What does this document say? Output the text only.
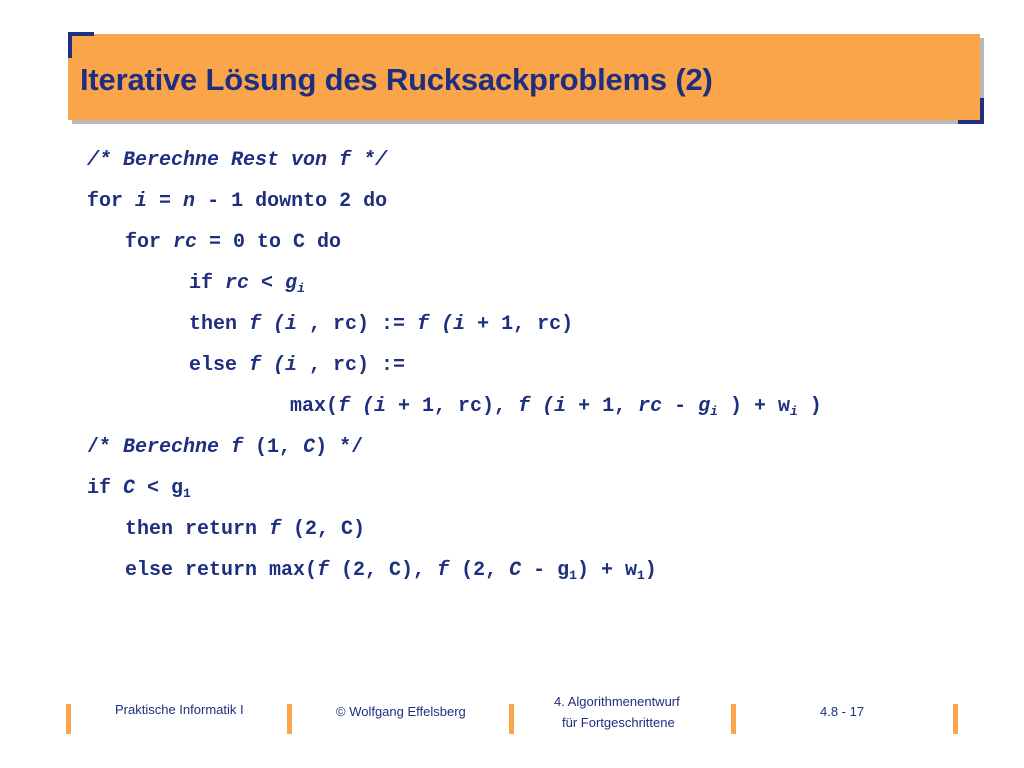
Iterative Lösung des Rucksackproblems (2)
/* Berechne Rest von f */
for i = n - 1 downto 2 do
for rc = 0 to C do
if rc < $g_i$
then f (i , rc) := f (i + 1, rc)
else f (i , rc) :=
max(f (i + 1, rc), f (i + 1, rc - $g_i$ ) + $w_i$ )
/* Berechne f (1, C) */
if $C < g_1$
then return f (2, C)
else return max(f (2, C), f (2, $C - g_1) + w_1$)
Praktische Informatik I	© Wolfgang Effelsberg
4. Algorithmenentwurf
für Fortgeschrittene
4.8 - 17
